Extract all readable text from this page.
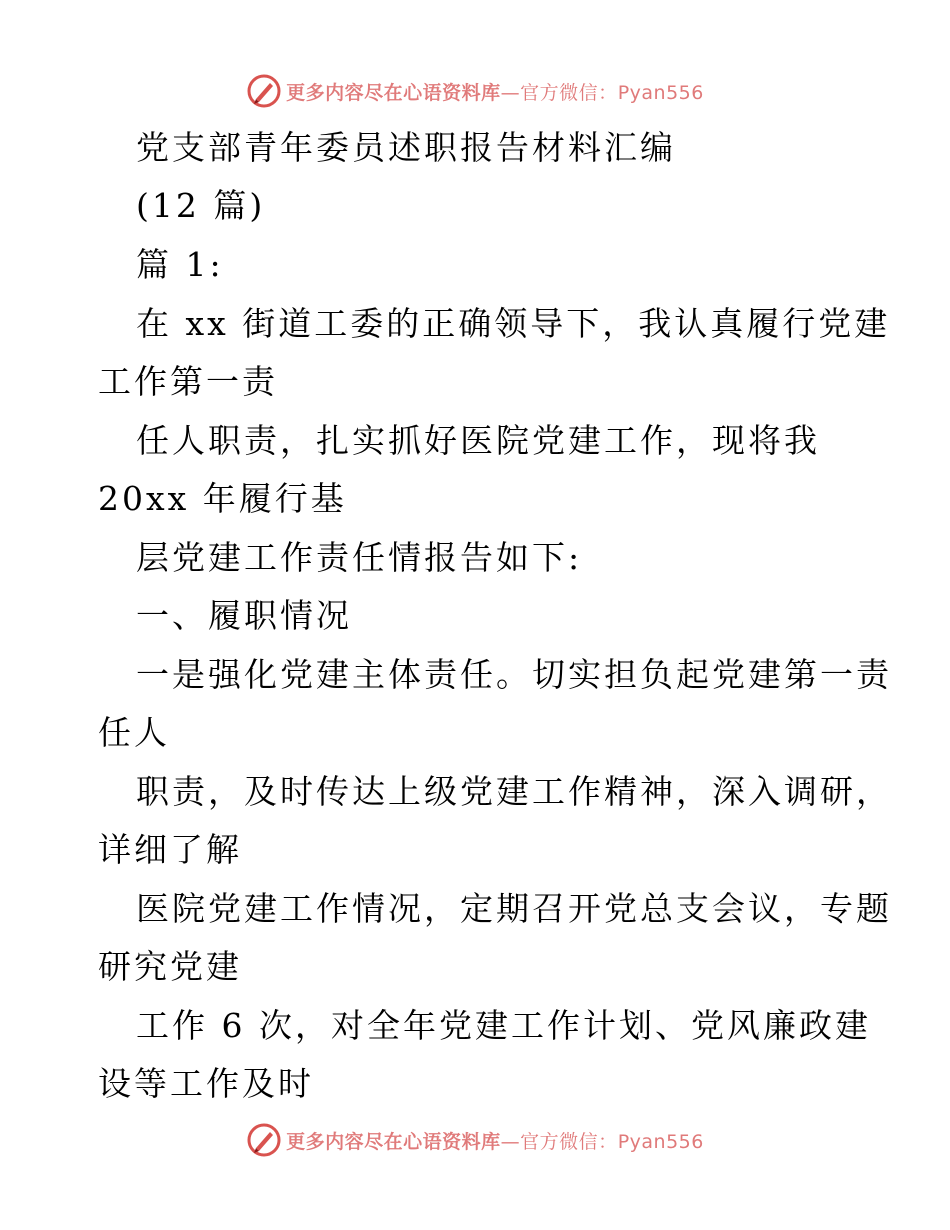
更多内容尽在心语资料库—官方微信：Pyan556
党支部青年委员述职报告材料汇编
(12 篇)
篇 1:
在 xx 街道工委的正确领导下，我认真履行党建
工作第一责
任人职责，扎实抓好医院党建工作，现将我
20xx 年履行基
层党建工作责任情报告如下:
一、履职情况
一是强化党建主体责任。切实担负起党建第一责
任人
职责，及时传达上级党建工作精神，深入调研，
详细了解
医院党建工作情况，定期召开党总支会议，专题
研究党建
工作 6 次，对全年党建工作计划、党风廉政建
设等工作及时
更多内容尽在心语资料库—官方微信：Pyan556
